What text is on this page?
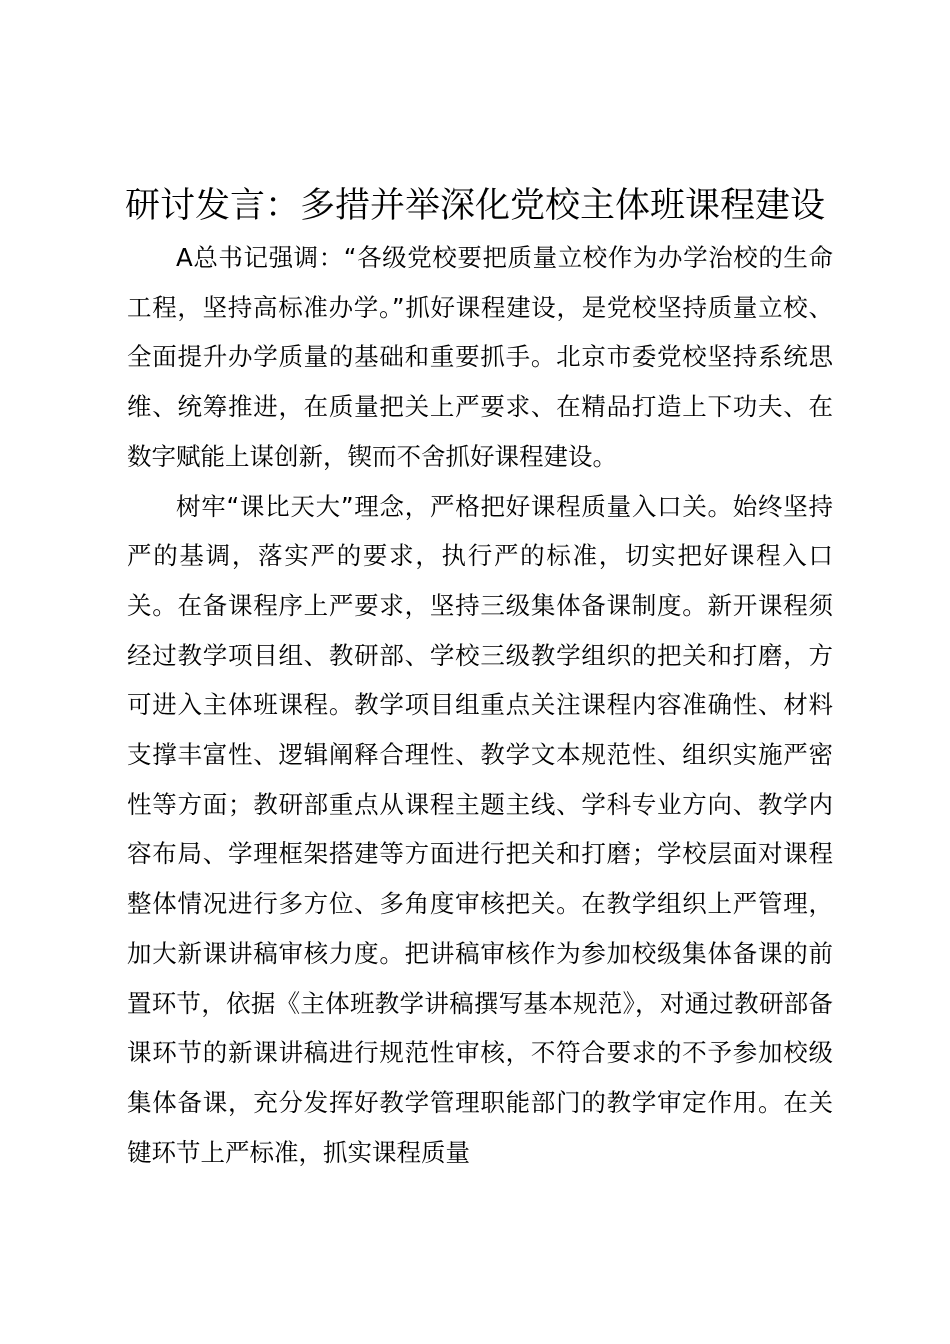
研讨发言：多措并举深化党校主体班课程建设

A总书记强调：“各级党校要把质量立校作为办学治校的生命工程，坚持高标准办学。”抓好课程建设，是党校坚持质量立校、全面提升办学质量的基础和重要抓手。北京市委党校坚持系统思维、统筹推进，在质量把关上严要求、在精品打造上下功夫、在数字赋能上谋创新，锲而不舍抓好课程建设。

树牢“课比天大”理念，严格把好课程质量入口关。始终坚持严的基调，落实严的要求，执行严的标准，切实把好课程入口关。在备课程序上严要求，坚持三级集体备课制度。新开课程须经过教学项目组、教研部、学校三级教学组织的把关和打磨，方可进入主体班课程。教学项目组重点关注课程内容准确性、材料支撑丰富性、逻辑阐释合理性、教学文本规范性、组织实施严密性等方面；教研部重点从课程主题主线、学科专业方向、教学内容布局、学理框架搭建等方面进行把关和打磨；学校层面对课程整体情况进行多方位、多角度审核把关。在教学组织上严管理，加大新课讲稿审核力度。把讲稿审核作为参加校级集体备课的前置环节，依据《主体班教学讲稿撰写基本规范》，对通过教研部备课环节的新课讲稿进行规范性审核，不符合要求的不予参加校级集体备课，充分发挥好教学管理职能部门的教学审定作用。在关键环节上严标准，抓实课程质量
